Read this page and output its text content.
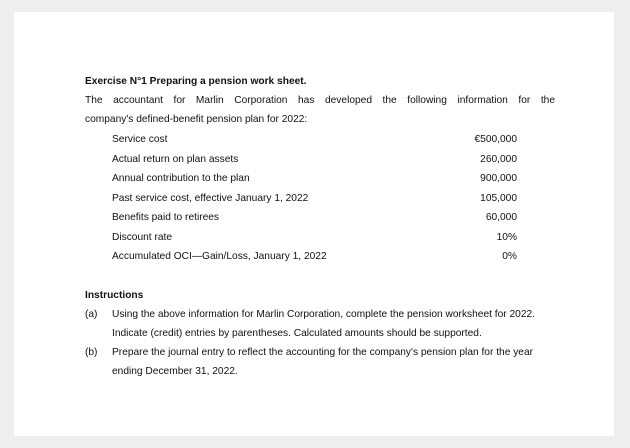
Exercise N°1 Preparing a pension work sheet.
The accountant for Marlin Corporation has developed the following information for the
company's defined-benefit pension plan for 2022:
Service cost	€500,000
Actual return on plan assets	260,000
Annual contribution to the plan	900,000
Past service cost, effective January 1, 2022	105,000
Benefits paid to retirees	60,000
Discount rate	10%
Accumulated OCI—Gain/Loss, January 1, 2022	0%
Instructions
(a)	Using the above information for Marlin Corporation, complete the pension worksheet for 2022. Indicate (credit) entries by parentheses. Calculated amounts should be supported.
(b)	Prepare the journal entry to reflect the accounting for the company's pension plan for the year ending December 31, 2022.
